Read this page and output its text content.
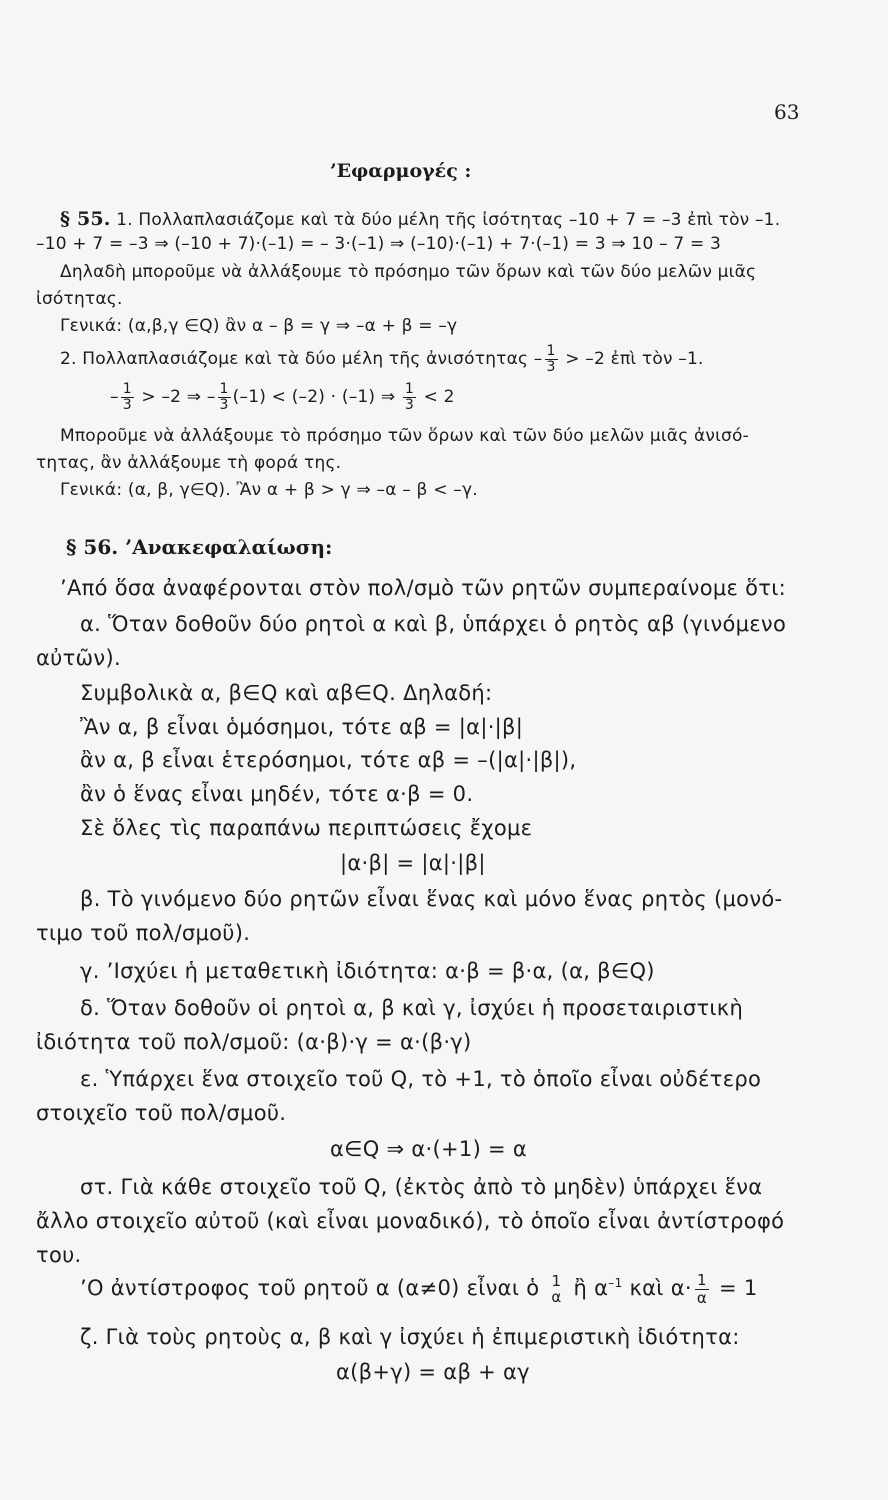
63
’Εφαρμογές :
§ 55. 1. Πολλαπλασιάζομε καὶ τὰ δύο μέλη τῆς ἰσότητας –10 + 7 = –3 ἐπὶ τὸν –1.
–10 + 7 = –3 ⇒ (–10 + 7)·(–1) = – 3·(–1) ⇒ (–10)·(–1) + 7·(–1) = 3 ⇒ 10 – 7 = 3
Δηλαδὴ μποροῦμε νὰ ἀλλάξουμε τὸ πρόσημο τῶν ὅρων καὶ τῶν δύο μελῶν μιᾶς
ἰσότητας.
Γενικά: (α,β,γ ∈Q) ἂν α – β = γ ⇒ –α + β = –γ
2. Πολλαπλασιάζομε καὶ τὰ δύο μέλη τῆς ἀνισότητας – $\frac{1}{3} > -2$ ἐπὶ τὸν –1.
– $\frac{1}{3} > -2$ ⇒ – $\frac{1}{3} (-1) < (-2) \cdot (-1)$ ⇒ $\frac{1}{3} < 2$
Μποροῦμε νὰ ἀλλάξουμε τὸ πρόσημο τῶν ὅρων καὶ τῶν δύο μελῶν μιᾶς ἀνισό-
τητας, ἂν ἀλλάξουμε τὴ φορά της.
Γενικά: (α, β, γ∈Q). Ἂν α + β > γ ⇒ –α – β < –γ.
§ 56. ’Ανακεφαλαίωση:
’Από ὅσα ἀναφέρονται στὸν πολ/σμὸ τῶν ρητῶν συμπεραίνομε ὅτι:
α. Ὅταν δοθοῦν δύο ρητοὶ α καὶ β, ὑπάρχει ὁ ρητὸς αβ (γινόμενο
αὐτῶν).
Συμβολικὰ α, β∈Q καὶ αβ∈Q. Δηλαδή:
Ἂν α, β εἶναι ὁμόσημοι, τότε αβ = |α|·|β|
ἂν α, β εἶναι ἑτερόσημοι, τότε αβ = –(|α|·|β|),
ἂν ὁ ἕνας εἶναι μηδέν, τότε α·β = 0.
Σὲ ὅλες τὶς παραπάνω περιπτώσεις ἔχομε
|α·β| = |α|·|β|
β. Τὸ γινόμενο δύο ρητῶν εἶναι ἕνας καὶ μόνο ἕνας ρητὸς (μονό-
τιμο τοῦ πολ/σμοῦ).
γ. ’Ισχύει ἡ μεταθετικὴ ἰδιότητα: α·β = β·α, (α, β∈Q)
δ. Ὅταν δοθοῦν οἱ ρητοὶ α, β καὶ γ, ἰσχύει ἡ προσεταιριστικὴ
ἰδιότητα τοῦ πολ/σμοῦ: (α·β)·γ = α·(β·γ)
ε. Ὑπάρχει ἕνα στοιχεῖο τοῦ Q, τὸ +1, τὸ ὁποῖο εἶναι οὐδέτερο
στοιχεῖο τοῦ πολ/σμοῦ.
α∈Q ⇒ α·(+1) = α
στ. Γιὰ κάθε στοιχεῖο τοῦ Q, (ἐκτὸς ἀπὸ τὸ μηδὲν) ὑπάρχει ἕνα
ἄλλο στοιχεῖο αὐτοῦ (καὶ εἶναι μοναδικό), τὸ ὁποῖο εἶναι ἀντίστροφό
του.
’Ο ἀντίστροφος τοῦ ρητοῦ α (α≠0) εἶναι ὁ 1
α ἢ $\alpha^{-1}$ καὶ $\alpha\cdot \frac{1}{\alpha} = 1$
ζ. Γιὰ τοὺς ρητοὺς α, β καὶ γ ἰσχύει ἡ ἐπιμεριστικὴ ἰδιότητα:
α(β+γ) = αβ + αγ
